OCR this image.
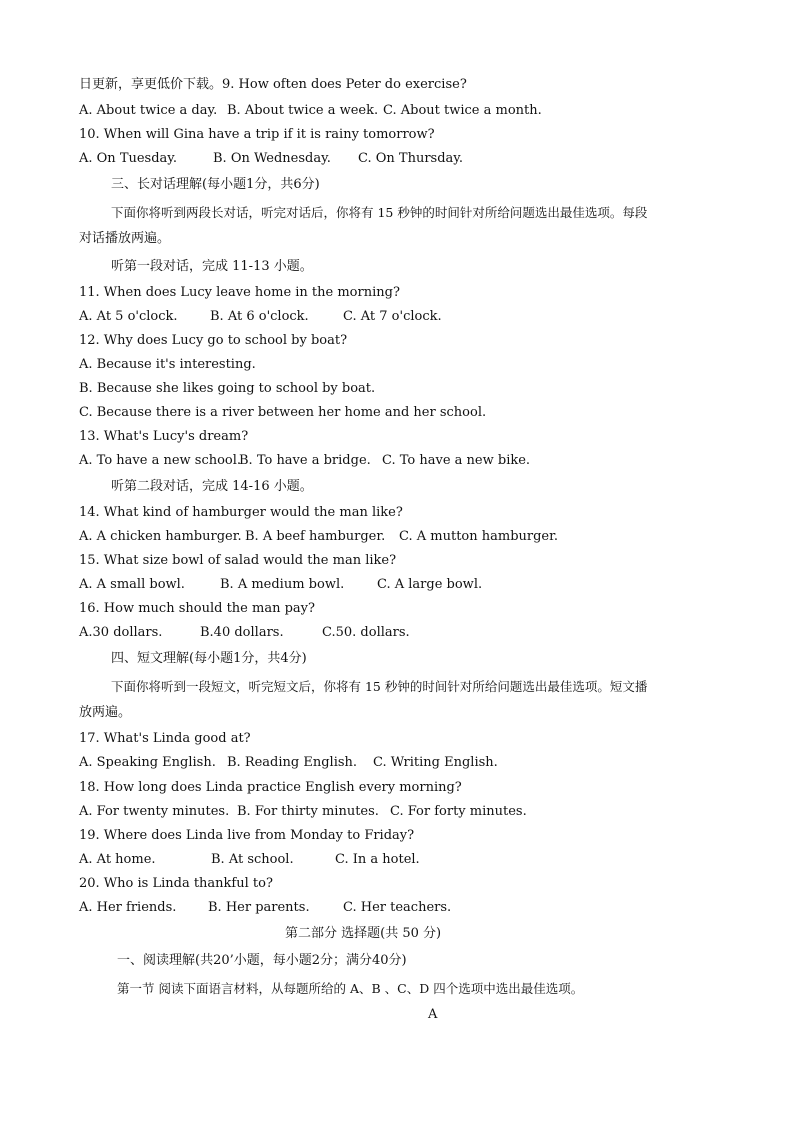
日更新，享更低价下载。9. How often does Peter do exercise?
A. About twice a day. B. About twice a week. C. About twice a month.
10. When will Gina have a trip if it is rainy tomorrow?
A. On Tuesday.	B. On Wednesday.	C. On Thursday.
三、长对话理解(每小题1分，共6分)
下面你将听到两段长对话，听完对话后，你将有 15 秒钟的时间针对所给问题选出最佳选项。每段
对话播放两遍。
听第一段对话，完成 11-13 小题。
11. When does Lucy leave home in the morning?
A. At 5 o'clock.	B. At 6 o'clock.	C. At 7 o'clock.
12. Why does Lucy go to school by boat?
A. Because it's interesting.
B. Because she likes going to school by boat.
C. Because there is a river between her home and her school.
13. What's Lucy's dream?
A. To have a new school.
B. To have a bridge. C. To have a new bike.
听第二段对话，完成 14-16 小题。
14. What kind of hamburger would the man like?
A. A chicken hamburger. B. A beef hamburger.	C. A mutton hamburger.
15. What size bowl of salad would the man like?
A. A small bowl.	B. A medium bowl.	C. A large bowl.
16. How much should the man pay?
A.30 dollars.	B.40 dollars.	C.50. dollars.
四、短文理解(每小题1分，共4分)
下面你将听到一段短文，听完短文后，你将有 15 秒钟的时间针对所给问题选出最佳选项。短文播
放两遍。
17. What's Linda good at?
A. Speaking English. B. Reading English.	C. Writing English.
18. How long does Linda practice English every morning?
A. For twenty minutes. B. For thirty minutes. C. For forty minutes.
19. Where does Linda live from Monday to Friday?
A. At home.	B. At school.	C. In a hotel.
20. Who is Linda thankful to?
A. Her friends.	B. Her parents.	C. Her teachers.
第二部分 选择题(共 50 分)
一、阅读理解(共20’小题，每小题2分；满分40分)
第一节 阅读下面语言材料，从每题所给的 A、B 、C、D 四个选项中选出最佳选项。
A
